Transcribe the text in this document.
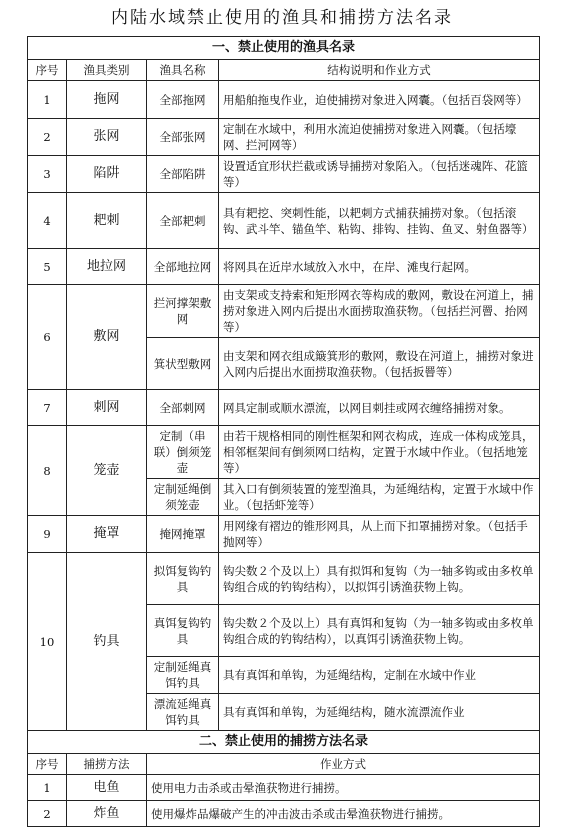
内陆水域禁止使用的渔具和捕捞方法名录
一、禁止使用的渔具名录			
序号	渔具类别	渔具名称	结构说明和作业方式
1	拖网	全部拖网	用船舶拖曳作业，迫使捕捞对象进入网囊。（包括百袋网等）
2	张网	全部张网	定制在水域中，利用水流迫使捕捞对象进入网囊。（包括壕网、拦河网等）
3	陷阱	全部陷阱	设置适宜形状拦截或诱导捕捞对象陷入。（包括迷魂阵、花篮等）
4	耙刺	全部耙刺	具有耙挖、突刺性能，以耙刺方式捕获捕捞对象。（包括滚钩、武斗竿、锚鱼竿、粘钩、排钩、挂钩、鱼叉、射鱼器等）
5	地拉网	全部地拉网	将网具在近岸水域放入水中，在岸、滩曳行起网。
6	敷网	拦河撑架敷网	由支架或支持索和矩形网衣等构成的敷网，敷设在河道上，捕捞对象进入网内后提出水面捞取渔获物。（包括拦河罾、抬网等）
		箕状型敷网	由支架和网衣组成簸箕形的敷网，敷设在河道上，捕捞对象进入网内后提出水面捞取渔获物。（包括扳罾等）
7	刺网	全部刺网	网具定制或顺水漂流，以网目刺挂或网衣缠络捕捞对象。
8	笼壶	定制（串联）倒须笼壶	由若干规格相同的刚性框架和网衣构成，连成一体构成笼具，相邻框架间有倒须网口结构，定置于水域中作业。（包括地笼等）
		定制延绳倒须笼壶	其入口有倒须装置的笼型渔具，为延绳结构，定置于水域中作业。（包括虾笼等）
9	掩罩	掩网掩罩	用网缘有褶边的锥形网具，从上而下扣罩捕捞对象。（包括手抛网等）
10	钓具	拟饵复钩钓具	钩尖数２个及以上）具有拟饵和复钩（为一轴多钩或由多枚单钩组合成的钓钩结构），以拟饵引诱渔获物上钩。
		真饵复钩钓具	钩尖数２个及以上）具有真饵和复钩（为一轴多钩或由多枚单钩组合成的钓钩结构），以真饵引诱渔获物上钩。
		定制延绳真饵钓具	具有真饵和单钩，为延绳结构，定制在水域中作业
		漂流延绳真饵钓具	具有真饵和单钩，为延绳结构，随水流漂流作业
二、禁止使用的捕捞方法名录			
序号	捕捞方法	作业方式	
1	电鱼	使用电力击杀或击晕渔获物进行捕捞。	
2	炸鱼	使用爆炸品爆破产生的冲击波击杀或击晕渔获物进行捕捞。	
